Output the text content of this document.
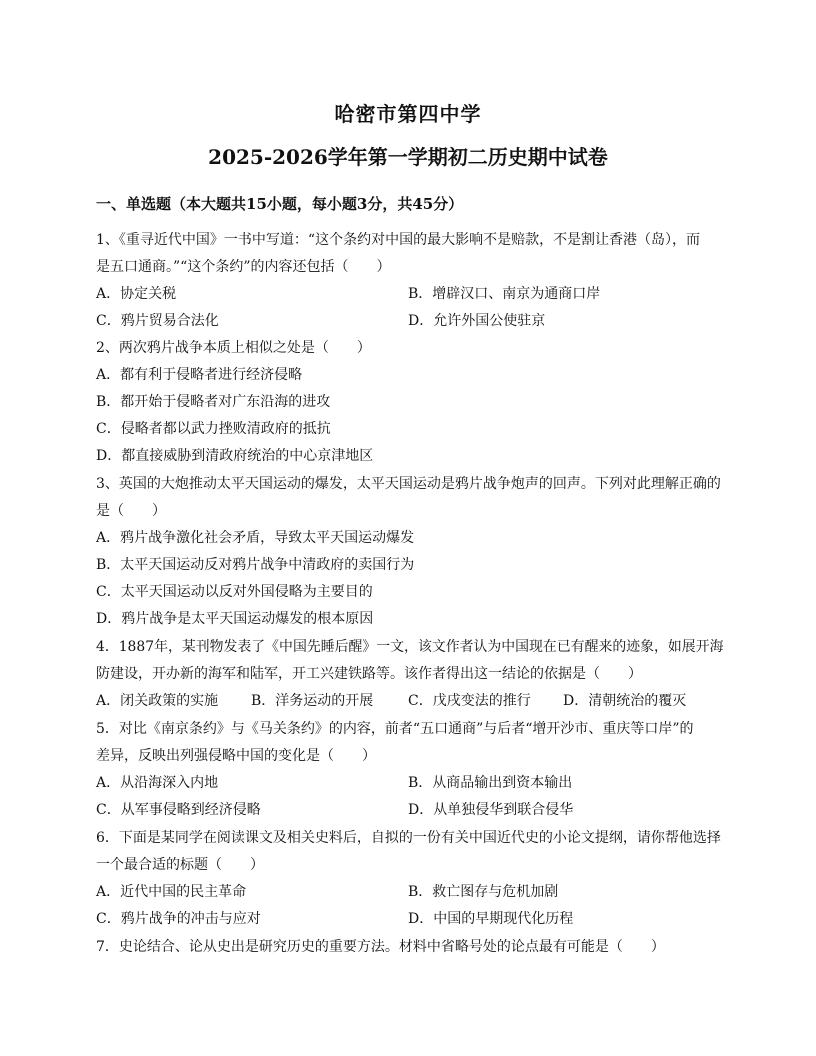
哈密市第四中学
2025-2026学年第一学期初二历史期中试卷
一、单选题（本大题共15小题，每小题3分，共45分）
1、《重寻近代中国》一书中写道：“这个条约对中国的最大影响不是赔款，不是割让香港（岛），而
是五口通商。”“这个条约”的内容还包括（　　）
A．协定关税	B．增辟汉口、南京为通商口岸
C．鸦片贸易合法化	D．允许外国公使驻京
2、两次鸦片战争本质上相似之处是（　　）
A．都有利于侵略者进行经济侵略
B．都开始于侵略者对广东沿海的进攻
C．侵略者都以武力挫败清政府的抵抗
D．都直接威胁到清政府统治的中心京津地区
3、英国的大炮推动太平天国运动的爆发，太平天国运动是鸦片战争炮声的回声。下列对此理解正确的
是（　　）
A．鸦片战争激化社会矛盾，导致太平天国运动爆发
B．太平天国运动反对鸦片战争中清政府的卖国行为
C．太平天国运动以反对外国侵略为主要目的
D．鸦片战争是太平天国运动爆发的根本原因
4．1887年，某刊物发表了《中国先睡后醒》一文，该文作者认为中国现在已有醒来的迹象，如展开海
防建设，开办新的海军和陆军，开工兴建铁路等。该作者得出这一结论的依据是（　　）
A．闭关政策的实施 B．洋务运动的开展 C．戊戌变法的推行 D．清朝统治的覆灭
5．对比《南京条约》与《马关条约》的内容，前者“五口通商”与后者“增开沙市、重庆等口岸”的
差异，反映出列强侵略中国的变化是（　　）
A．从沿海深入内地	B．从商品输出到资本输出
C．从军事侵略到经济侵略	D．从单独侵华到联合侵华
6．下面是某同学在阅读课文及相关史料后，自拟的一份有关中国近代史的小论文提纲，请你帮他选择
一个最合适的标题（　　）
A．近代中国的民主革命	B．救亡图存与危机加剧
C．鸦片战争的冲击与应对	D．中国的早期现代化历程
7．史论结合、论从史出是研究历史的重要方法。材料中省略号处的论点最有可能是（　　）
